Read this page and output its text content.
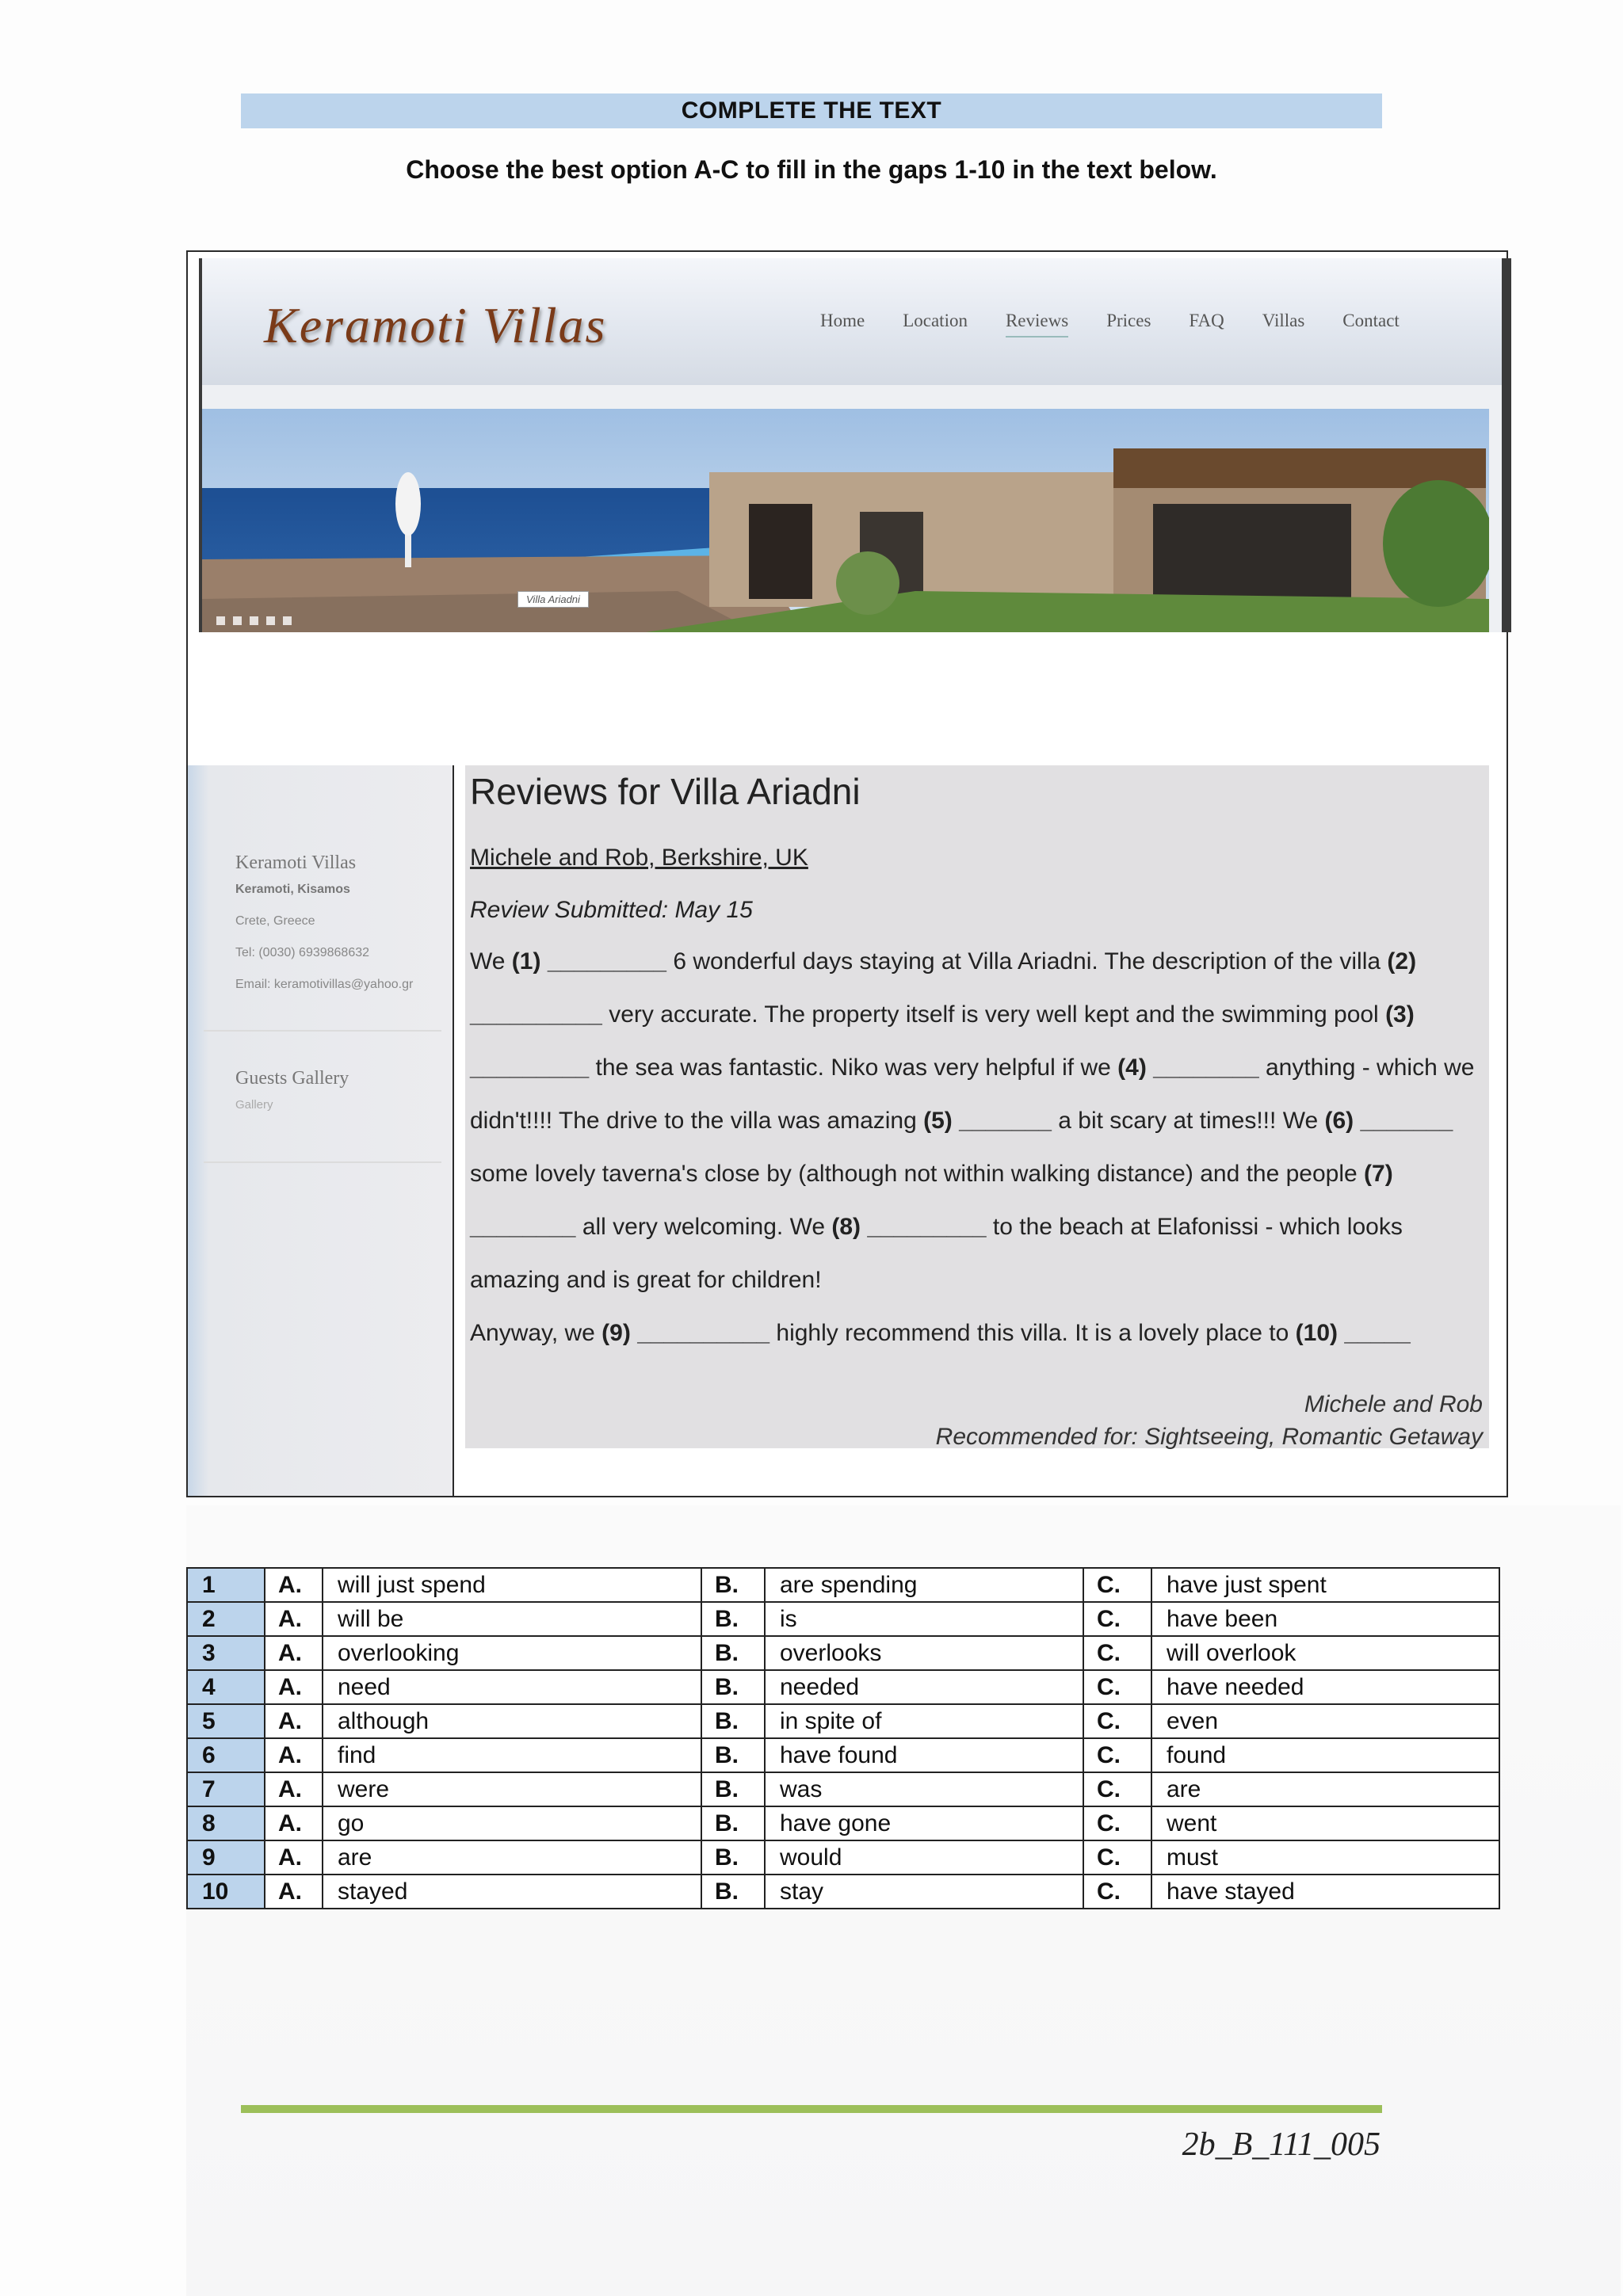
COMPLETE THE TEXT
Choose the best option A-C to fill in the gaps 1-10 in the text below.
Keramoti Villas	Home Location Reviews Prices FAQ Villas Contact
Villa Ariadni
Keramoti Villas
Keramoti, Kisamos
Crete, Greece
Tel: (0030) 6939868632
Email: keramotivillas@yahoo.gr
Guests Gallery
Gallery
Reviews for Villa Ariadni
Michele and Rob, Berkshire, UK
Review Submitted: May 15
We (1) _________ 6 wonderful days staying at Villa Ariadni. The description of the villa (2) __________ very accurate. The property itself is very well kept and the swimming pool (3) _________ the sea was fantastic. Niko was very helpful if we (4) ________ anything - which we didn't!!!! The drive to the villa was amazing (5) _______ a bit scary at times!!! We (6) _______ some lovely taverna's close by (although not within walking distance) and the people (7) ________ all very welcoming. We (8) _________ to the beach at Elafonissi - which looks amazing and is great for children!
Anyway, we (9) __________ highly recommend this villa. It is a lovely place to (10) _____
Michele and Rob
Recommended for: Sightseeing, Romantic Getaway
1	A.	will just spend	B.	are spending	C.	have just spent
2	A.	will be	B.	is	C.	have been
3	A.	overlooking	B.	overlooks	C.	will overlook
4	A.	need	B.	needed	C.	have needed
5	A.	although	B.	in spite of	C.	even
6	A.	find	B.	have found	C.	found
7	A.	were	B.	was	C.	are
8	A.	go	B.	have gone	C.	went
9	A.	are	B.	would	C.	must
10	A.	stayed	B.	stay	C.	have stayed
2b_B_111_005
